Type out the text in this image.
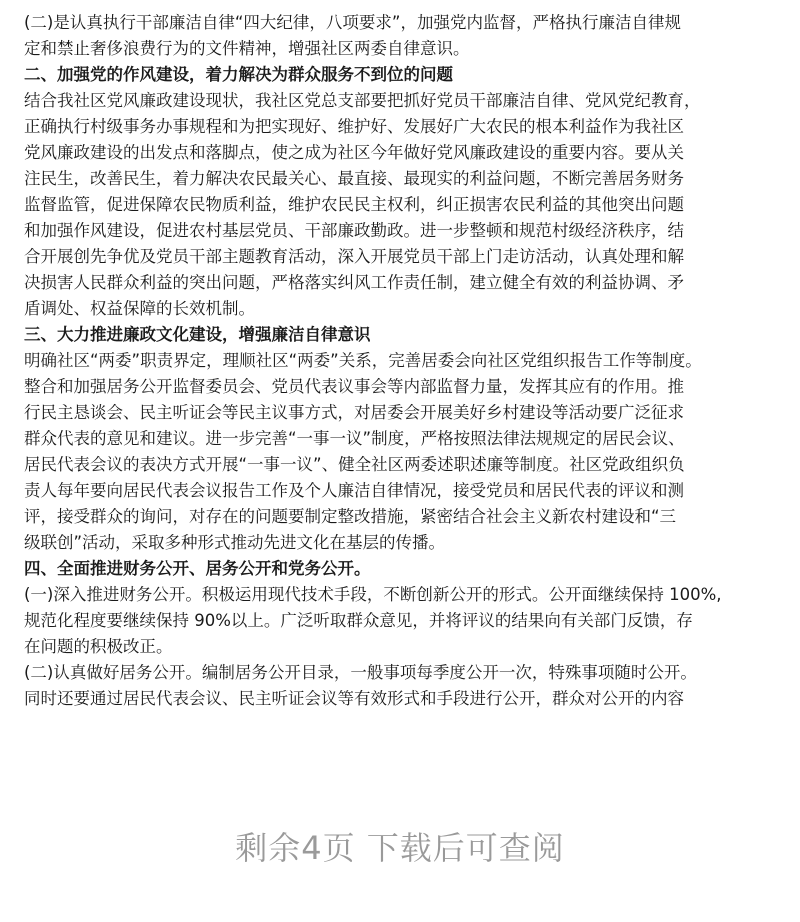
(二)是认真执行干部廉洁自律“四大纪律，八项要求”，加强党内监督，严格执行廉洁自律规
定和禁止奢侈浪费行为的文件精神，增强社区两委自律意识。
二、加强党的作风建设，着力解决为群众服务不到位的问题
结合我社区党风廉政建设现状，我社区党总支部要把抓好党员干部廉洁自律、党风党纪教育，
正确执行村级事务办事规程和为把实现好、维护好、发展好广大农民的根本利益作为我社区
党风廉政建设的出发点和落脚点，使之成为社区今年做好党风廉政建设的重要内容。要从关
注民生，改善民生，着力解决农民最关心、最直接、最现实的利益问题，不断完善居务财务
监督监管，促进保障农民物质利益，维护农民民主权利，纠正损害农民利益的其他突出问题
和加强作风建设，促进农村基层党员、干部廉政勤政。进一步整顿和规范村级经济秩序，结
合开展创先争优及党员干部主题教育活动，深入开展党员干部上门走访活动，认真处理和解
决损害人民群众利益的突出问题，严格落实纠风工作责任制，建立健全有效的利益协调、矛
盾调处、权益保障的长效机制。
三、大力推进廉政文化建设，增强廉洁自律意识
明确社区“两委”职责界定，理顺社区“两委”关系，完善居委会向社区党组织报告工作等制度。
整合和加强居务公开监督委员会、党员代表议事会等内部监督力量，发挥其应有的作用。推
行民主恳谈会、民主听证会等民主议事方式，对居委会开展美好乡村建设等活动要广泛征求
群众代表的意见和建议。进一步完善“一事一议”制度，严格按照法律法规规定的居民会议、
居民代表会议的表决方式开展“一事一议”、健全社区两委述职述廉等制度。社区党政组织负
责人每年要向居民代表会议报告工作及个人廉洁自律情况，接受党员和居民代表的评议和测
评，接受群众的询问，对存在的问题要制定整改措施，紧密结合社会主义新农村建设和“三
级联创”活动，采取多种形式推动先进文化在基层的传播。
四、全面推进财务公开、居务公开和党务公开。
(一)深入推进财务公开。积极运用现代技术手段，不断创新公开的形式。公开面继续保持 100%,
规范化程度要继续保持 90%以上。广泛听取群众意见，并将评议的结果向有关部门反馈，存
在问题的积极改正。
(二)认真做好居务公开。编制居务公开目录，一般事项每季度公开一次，特殊事项随时公开。
同时还要通过居民代表会议、民主听证会议等有效形式和手段进行公开，群众对公开的内容
剩余4页 下载后可查阅
